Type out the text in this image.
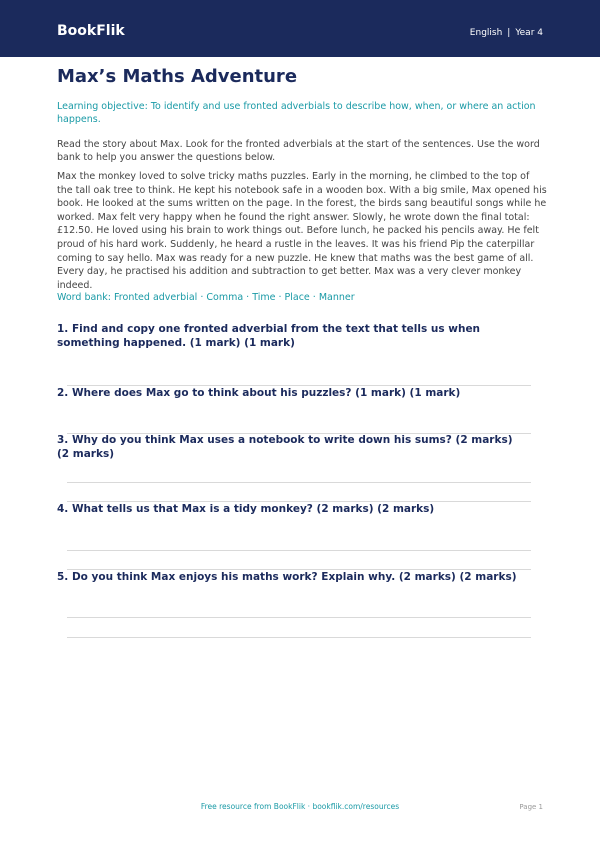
BookFlik	English | Year 4
Max’s Maths Adventure

Learning objective: To identify and use fronted adverbials to describe how, when, or where an action happens.

Read the story about Max. Look for the fronted adverbials at the start of the sentences. Use the word bank to help you answer the questions below.

Max the monkey loved to solve tricky maths puzzles. Early in the morning, he climbed to the top of the tall oak tree to think. He kept his notebook safe in a wooden box. With a big smile, Max opened his book. He looked at the sums written on the page. In the forest, the birds sang beautiful songs while he worked. Max felt very happy when he found the right answer. Slowly, he wrote down the final total: £12.50. He loved using his brain to work things out. Before lunch, he packed his pencils away. He felt proud of his hard work. Suddenly, he heard a rustle in the leaves. It was his friend Pip the caterpillar coming to say hello. Max was ready for a new puzzle. He knew that maths was the best game of all. Every day, he practised his addition and subtraction to get better. Max was a very clever monkey indeed.

Word bank: Fronted adverbial · Comma · Time · Place · Manner

1. Find and copy one fronted adverbial from the text that tells us when something happened. (1 mark) (1 mark)
2. Where does Max go to think about his puzzles? (1 mark) (1 mark)
3. Why do you think Max uses a notebook to write down his sums? (2 marks) (2 marks)
4. What tells us that Max is a tidy monkey? (2 marks) (2 marks)
5. Do you think Max enjoys his maths work? Explain why. (2 marks) (2 marks)
Free resource from BookFlik · bookflik.com/resources	Page 1
